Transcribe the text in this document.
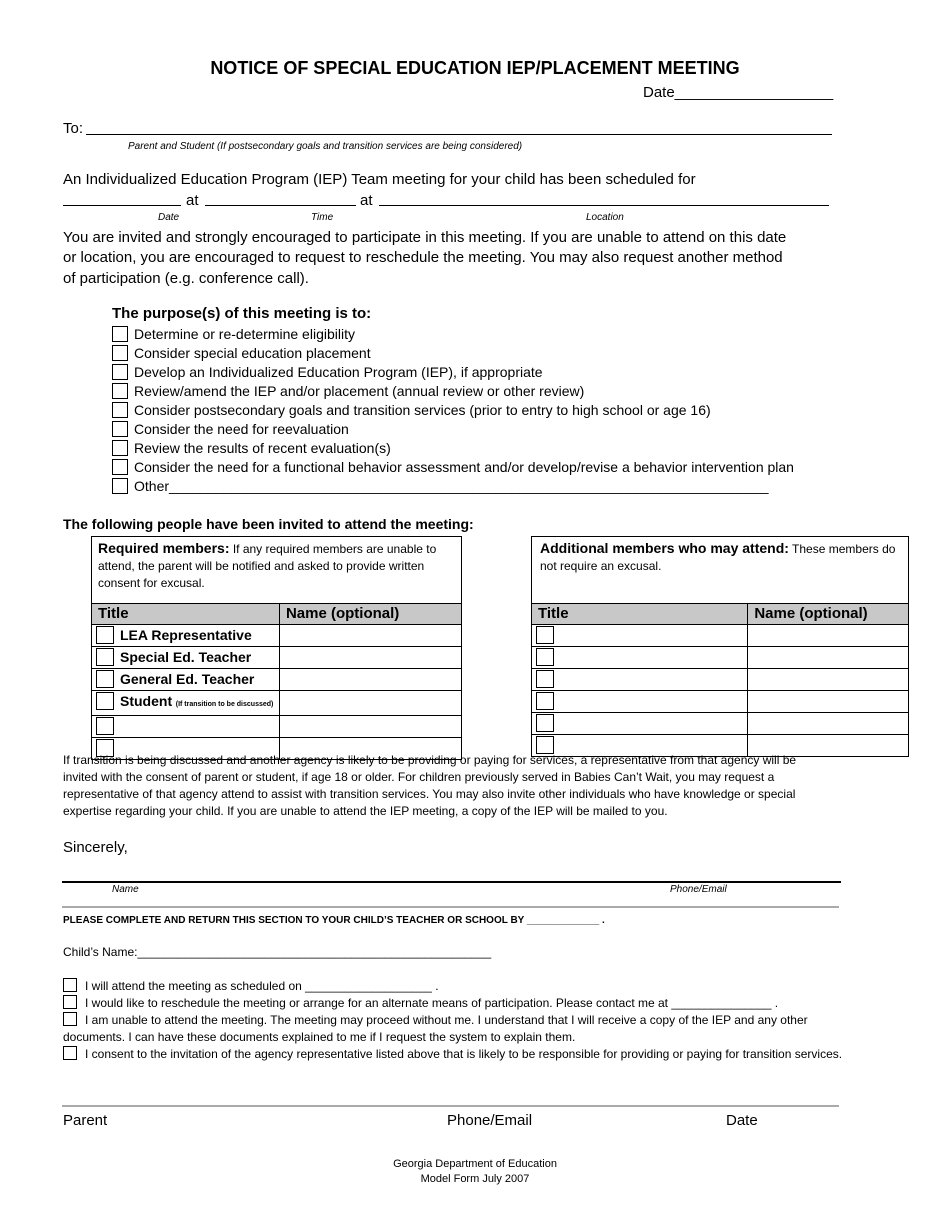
NOTICE OF SPECIAL EDUCATION IEP/PLACEMENT MEETING
Date___________________
To:
Parent and Student (If postsecondary goals and transition services are being considered)
An Individualized Education Program (IEP) Team meeting for your child has been scheduled for
at	at
Date	Time	Location
You are invited and strongly encouraged to participate in this meeting. If you are unable to attend on this date
or location, you are encouraged to request to reschedule the meeting. You may also request another method
of participation (e.g. conference call).
The purpose(s) of this meeting is to:
Determine or re-determine eligibility
Consider special education placement
Develop an Individualized Education Program (IEP), if appropriate
Review/amend the IEP and/or placement (annual review or other review)
Consider postsecondary goals and transition services (prior to entry to high school or age 16)
Consider the need for reevaluation
Review the results of recent evaluation(s)
Consider the need for a functional behavior assessment and/or develop/revise a behavior intervention plan
Other_____________________________________________________________________________
The following people have been invited to attend the meeting:
Required members: If any required members are unable to attend, the parent will be notified and asked to provide written consent for excusal.	
Title	Name (optional)
LEA Representative	
Special Ed. Teacher	
General Ed. Teacher	
Student (If transition to be discussed)	

Additional members who may attend: These members do not require an excusal.	
Title	Name (optional)

If transition is being discussed and another agency is likely to be providing or paying for services, a representative from that agency will be
invited with the consent of parent or student, if age 18 or older. For children previously served in Babies Can’t Wait, you may request a
representative of that agency attend to assist with transition services. You may also invite other individuals who have knowledge or special
expertise regarding your child. If you are unable to attend the IEP meeting, a copy of the IEP will be mailed to you.
Sincerely,
Name	Phone/Email
PLEASE COMPLETE AND RETURN THIS SECTION TO YOUR CHILD’S TEACHER OR SCHOOL BY _____________ .
Child’s Name:_____________________________________________________
I will attend the meeting as scheduled on ___________________ .
I would like to reschedule the meeting or arrange for an alternate means of participation. Please contact me at _______________ .
I am unable to attend the meeting. The meeting may proceed without me. I understand that I will receive a copy of the IEP and any other documents. I can have these documents explained to me if I request the system to explain them.
I consent to the invitation of the agency representative listed above that is likely to be responsible for providing or paying for transition services.
Parent	Phone/Email	Date
Georgia Department of Education
Model Form July 2007
